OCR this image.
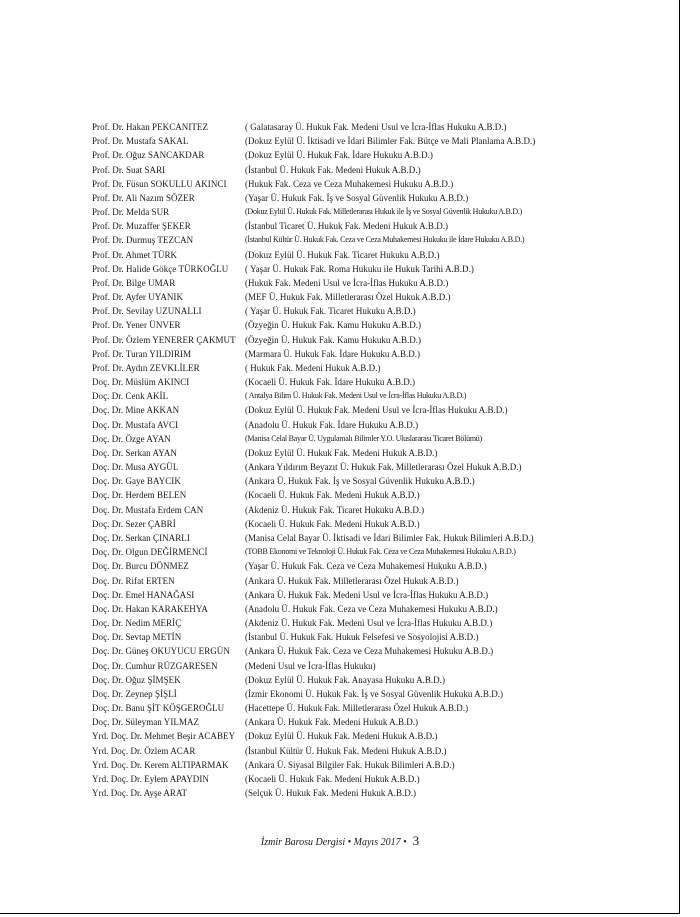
Prof. Dr. Hakan PEKCANITEZ	( Galatasaray Ü. Hukuk Fak. Medeni Usul ve İcra-İflas Hukuku A.B.D.)
Prof. Dr. Mustafa SAKAL	(Dokuz Eylül Ü. İktisadi ve İdari Bilimler Fak. Bütçe ve Mali Planlama A.B.D.)
Prof. Dr. Oğuz SANCAKDAR	(Dokuz Eylül Ü. Hukuk Fak. İdare Hukuku A.B.D.)
Prof. Dr. Suat SARI	(İstanbul Ü. Hukuk Fak. Medeni Hukuk A.B.D.)
Prof. Dr. Füsun SOKULLU AKINCI (Hukuk Fak. Ceza ve Ceza Muhakemesi Hukuku A.B.D.)
Prof. Dr. Ali Nazım SÖZER	(Yaşar Ü. Hukuk Fak. İş ve Sosyal Güvenlik Hukuku A.B.D.)
Prof. Dr. Melda SUR	(Dokuz Eylül Ü. Hukuk Fak. Milletlerarası Hukuk ile İş ve Sosyal Güvenlik Hukuku A.B.D.)
Prof. Dr. Muzaffer ŞEKER	(İstanbul Ticaret Ü. Hukuk Fak. Medeni Hukuk A.B.D.)
Prof. Dr. Durmuş TEZCAN	(İstanbul Kültür Ü. Hukuk Fak. Ceza ve Ceza Muhakemesi Hukuku ile İdare Hukuku A.B.D.)
Prof. Dr. Ahmet TÜRK	(Dokuz Eylül Ü. Hukuk Fak. Ticaret Hukuku A.B.D.)
Prof. Dr. Halide Gökçe TÜRKOĞLU ( Yaşar Ü. Hukuk Fak. Roma Hukuku ile Hukuk Tarihi A.B.D.)
Prof. Dr. Bilge UMAR	(Hukuk Fak. Medeni Usul ve İcra-İflas Hukuku A.B.D.)
Prof. Dr. Ayfer UYANIK	(MEF Ü. Hukuk Fak. Milletlerarası Özel Hukuk A.B.D.)
Prof. Dr. Sevilay UZUNALLI	( Yaşar Ü. Hukuk Fak. Ticaret Hukuku A.B.D.)
Prof. Dr. Yener ÜNVER	(Özyeğin Ü. Hukuk Fak. Kamu Hukuku A.B.D.)
Prof. Dr. Özlem YENERER ÇAKMUT (Özyeğin Ü. Hukuk Fak. Kamu Hukuku A.B.D.)
Prof. Dr. Turan YILDIRIM	(Marmara Ü. Hukuk Fak. İdare Hukuku A.B.D.)
Prof. Dr. Aydın ZEVKLİLER	( Hukuk Fak. Medeni Hukuk A.B.D.)
Doç. Dr. Müslüm AKINCI	(Kocaeli Ü. Hukuk Fak. İdare Hukuku A.B.D.)
Doç. Dr. Cenk AKİL	( Antalya Bilim Ü. Hukuk Fak. Medeni Usul ve İcra-İflas Hukuku A.B.D.)
Doç. Dr. Mine AKKAN	(Dokuz Eylül Ü. Hukuk Fak. Medeni Usul ve İcra-İflas Hukuku A.B.D.)
Doç. Dr. Mustafa AVCI	(Anadolu Ü. Hukuk Fak. İdare Hukuku A.B.D.)
Doç. Dr. Özge AYAN	(Manisa Celal Bayar Ü. Uygulamalı Bilimler Y.O. Uluslararası Ticaret Bölümü)
Doç. Dr. Serkan AYAN	(Dokuz Eylül Ü. Hukuk Fak. Medeni Hukuk A.B.D.)
Doç. Dr. Musa AYGÜL	(Ankara Yıldırım Beyazıt Ü. Hukuk Fak. Milletlerarası Özel Hukuk A.B.D.)
Doç. Dr. Gaye BAYCIK	(Ankara Ü. Hukuk Fak. İş ve Sosyal Güvenlik Hukuku A.B.D.)
Doç. Dr. Herdem BELEN	(Kocaeli Ü. Hukuk Fak. Medeni Hukuk A.B.D.)
Doç. Dr. Mustafa Erdem CAN	(Akdeniz Ü. Hukuk Fak. Ticaret Hukuku A.B.D.)
Doç. Dr. Sezer ÇABRİ	(Kocaeli Ü. Hukuk Fak. Medeni Hukuk A.B.D.)
Doç. Dr. Serkan ÇINARLI	(Manisa Celal Bayar Ü. İktisadi ve İdari Bilimler Fak. Hukuk Bilimleri A.B.D.)
Doç. Dr. Olgun DEĞİRMENCİ	(TOBB Ekonomi ve Teknoloji Ü. Hukuk Fak. Ceza ve Ceza Muhakemesi Hukuku A.B.D.)
Doç. Dr. Burcu DÖNMEZ	(Yaşar Ü. Hukuk Fak. Ceza ve Ceza Muhakemesi Hukuku A.B.D.)
Doç. Dr. Rifat ERTEN	(Ankara Ü. Hukuk Fak. Milletlerarası Özel Hukuk A.B.D.)
Doç. Dr. Emel HANAĞASI	(Ankara Ü. Hukuk Fak. Medeni Usul ve İcra-İflas Hukuku A.B.D.)
Doç. Dr. Hakan KARAKEHYA	(Anadolu Ü. Hukuk Fak. Ceza ve Ceza Muhakemesi Hukuku A.B.D.)
Doç. Dr. Nedim MERİÇ	(Akdeniz Ü. Hukuk Fak. Medeni Usul ve İcra-İflas Hukuku A.B.D.)
Doç. Dr. Sevtap METİN	(İstanbul Ü. Hukuk Fak. Hukuk Felsefesi ve Sosyolojisi A.B.D.)
Doç. Dr. Güneş OKUYUCU ERGÜN (Ankara Ü. Hukuk Fak. Ceza ve Ceza Muhakemesi Hukuku A.B.D.)
Doç. Dr. Cumhur RÜZGARESEN	(Medeni Usul ve İcra-İflas Hukuku)
Doç. Dr. Oğuz ŞİMŞEK	(Dokuz Eylül Ü. Hukuk Fak. Anayasa Hukuku A.B.D.)
Doç. Dr. Zeynep ŞİŞLİ	(İzmir Ekonomi Ü. Hukuk Fak. İş ve Sosyal Güvenlik Hukuku A.B.D.)
Doç. Dr. Banu ŞİT KÖŞGEROĞLU (Hacettepe Ü. Hukuk Fak. Milletlerarası Özel Hukuk A.B.D.)
Doç. Dr. Süleyman YILMAZ	(Ankara Ü. Hukuk Fak. Medeni Hukuk A.B.D.)
Yrd. Doç. Dr. Mehmet Beşir ACABEY (Dokuz Eylül Ü. Hukuk Fak. Medeni Hukuk A.B.D.)
Yrd. Doç. Dr. Özlem ACAR	(İstanbul Kültür Ü. Hukuk Fak. Medeni Hukuk A.B.D.)
Yrd. Doç. Dr. Kerem ALTIPARMAK (Ankara Ü. Siyasal Bilgiler Fak. Hukuk Bilimleri A.B.D.)
Yrd. Doç. Dr. Eylem APAYDIN	(Kocaeli Ü. Hukuk Fak. Medeni Hukuk A.B.D.)
Yrd. Doç. Dr. Ayşe ARAT	(Selçuk Ü. Hukuk Fak. Medeni Hukuk A.B.D.)
İzmir Barosu Dergisi • Mayıs 2017 • 3
